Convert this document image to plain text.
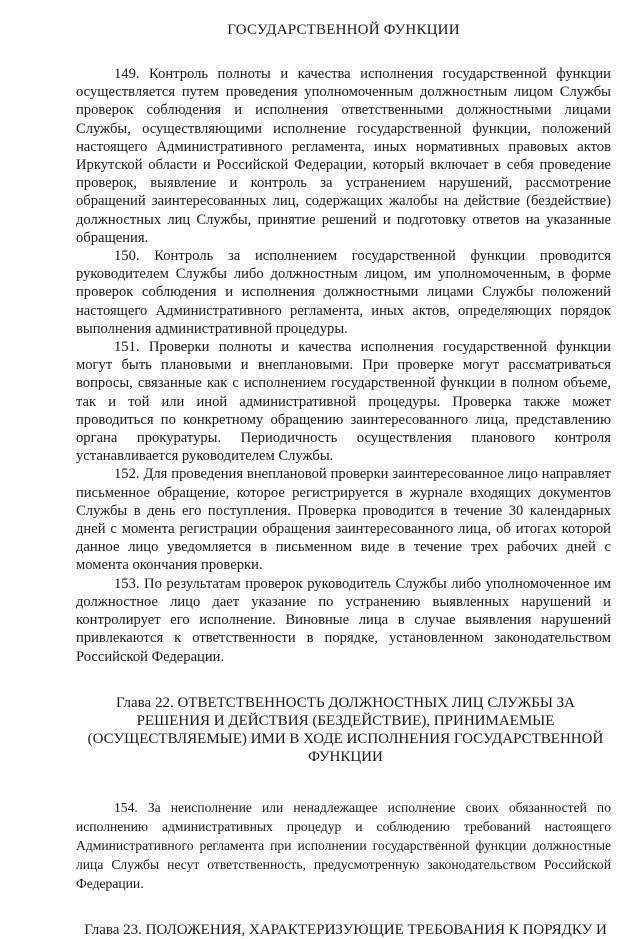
ГОСУДАРСТВЕННОЙ ФУНКЦИИ

149. Контроль полноты и качества исполнения государственной функции осуществляется путем проведения уполномоченным должностным лицом Службы проверок соблюдения и исполнения ответственными должностными лицами Службы, осуществляющими исполнение государственной функции, положений настоящего Административного регламента, иных нормативных правовых актов Иркутской области и Российской Федерации, который включает в себя проведение проверок, выявление и контроль за устранением нарушений, рассмотрение обращений заинтересованных лиц, содержащих жалобы на действие (бездействие) должностных лиц Службы, принятие решений и подготовку ответов на указанные обращения.

150. Контроль за исполнением государственной функции проводится руководителем Службы либо должностным лицом, им уполномоченным, в форме проверок соблюдения и исполнения должностными лицами Службы положений настоящего Административного регламента, иных актов, определяющих порядок выполнения административной процедуры.

151. Проверки полноты и качества исполнения государственной функции могут быть плановыми и внеплановыми. При проверке могут рассматриваться вопросы, связанные как с исполнением государственной функции в полном объеме, так и той или иной административной процедуры. Проверка также может проводиться по конкретному обращению заинтересованного лица, представлению органа прокуратуры. Периодичность осуществления планового контроля устанавливается руководителем Службы.

152. Для проведения внеплановой проверки заинтересованное лицо направляет письменное обращение, которое регистрируется в журнале входящих документов Службы в день его поступления. Проверка проводится в течение 30 календарных дней с момента регистрации обращения заинтересованного лица, об итогах которой данное лицо уведомляется в письменном виде в течение трех рабочих дней с момента окончания проверки.

153. По результатам проверок руководитель Службы либо уполномоченное им должностное лицо дает указание по устранению выявленных нарушений и контролирует его исполнение. Виновные лица в случае выявления нарушений привлекаются к ответственности в порядке, установленном законодательством Российской Федерации.

Глава 22. ОТВЕТСТВЕННОСТЬ ДОЛЖНОСТНЫХ ЛИЦ СЛУЖБЫ ЗА РЕШЕНИЯ И ДЕЙСТВИЯ (БЕЗДЕЙСТВИЕ), ПРИНИМАЕМЫЕ (ОСУЩЕСТВЛЯЕМЫЕ) ИМИ В ХОДЕ ИСПОЛНЕНИЯ ГОСУДАРСТВЕННОЙ ФУНКЦИИ

154. За неисполнение или ненадлежащее исполнение своих обязанностей по исполнению административных процедур и соблюдению требований настоящего Административного регламента при исполнении государственной функции должностные лица Службы несут ответственность, предусмотренную законодательством Российской Федерации.

Глава 23. ПОЛОЖЕНИЯ, ХАРАКТЕРИЗУЮЩИЕ ТРЕБОВАНИЯ К ПОРЯДКУ И
